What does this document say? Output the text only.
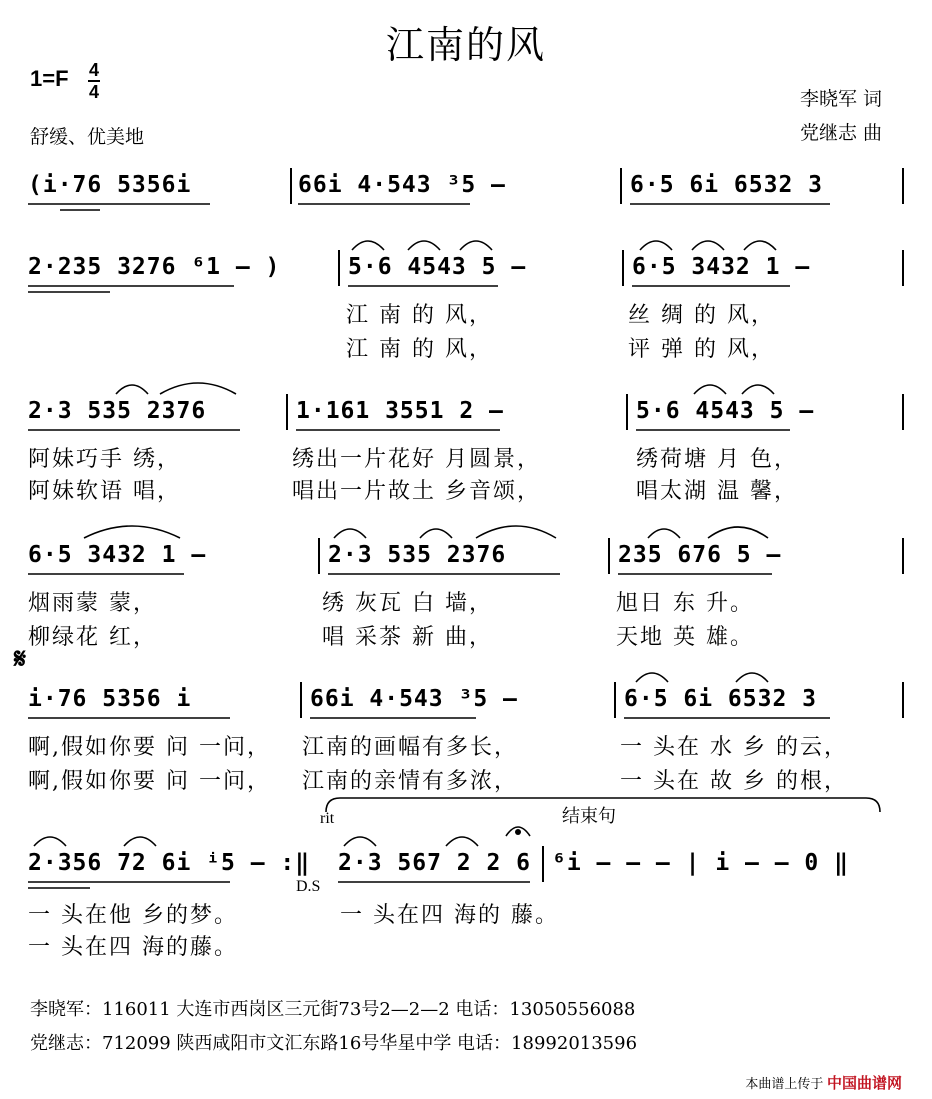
江南的风
1=F 4
4
舒缓、优美地
李晓军 词
党继志 曲
(i·76 5356i	66i 4·543 ³5 –	6·5 6i 6532 3
2·235 3276 ⁶1 – )	5·6 4543 5 –	6·5 3432 1 –
江 南 的 风，	丝 绸 的 风，
江 南 的 风，	评 弹 的 风，
2·3 535 2376	1·161 3551 2 –	5·6 4543 5 –
阿妹巧手 绣，	绣出一片花好 月圆景，	绣荷塘 月 色，
阿妹软语 唱，	唱出一片故土 乡音颂，	唱太湖 温 馨，
6·5 3432 1 –	2·3 535 2376	235 676 5 –
烟雨蒙 蒙，	绣 灰瓦 白 墙，	旭日 东 升。
柳绿花 红，	唱 采茶 新 曲，	天地 英 雄。
𝄋
i·76 5356 i	66i 4·543 ³5 –	6·5 6i 6532 3
啊,假如你要 问 一问， 江南的画幅有多长，	一 头在 水 乡 的云，
啊,假如你要 问 一问， 江南的亲情有多浓，	一 头在 故 乡 的根，
rit	结束句
2·356 72 6i ⁱ5 – :‖ 2·3 567 2 2 6 ⁶i – – – | i – – 0 ‖
D.S
一 头在他 乡的梦。	一 头在四 海的 藤。
一 头在四 海的藤。
李晓军：116011 大连市西岗区三元街73号2—2—2 电话：13050556088
党继志：712099 陕西咸阳市文汇东路16号华星中学 电话：18992013596
本曲谱上传于 中国曲谱网
